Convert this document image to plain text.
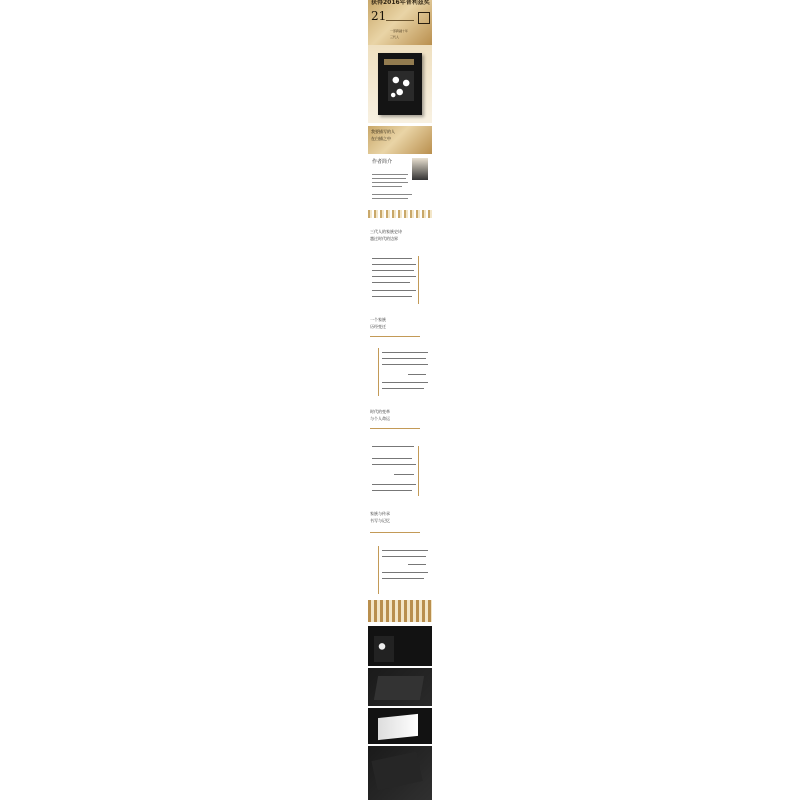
获得2016年普利兹奖
21
一部跨越十年
三代人
我要描写的人
在白描之中
作者简介
三代人的家族史诗
越过时代的边界
一个家族
历经变迁
时代的变革
与个人命运
家族与传承
书写与记忆
